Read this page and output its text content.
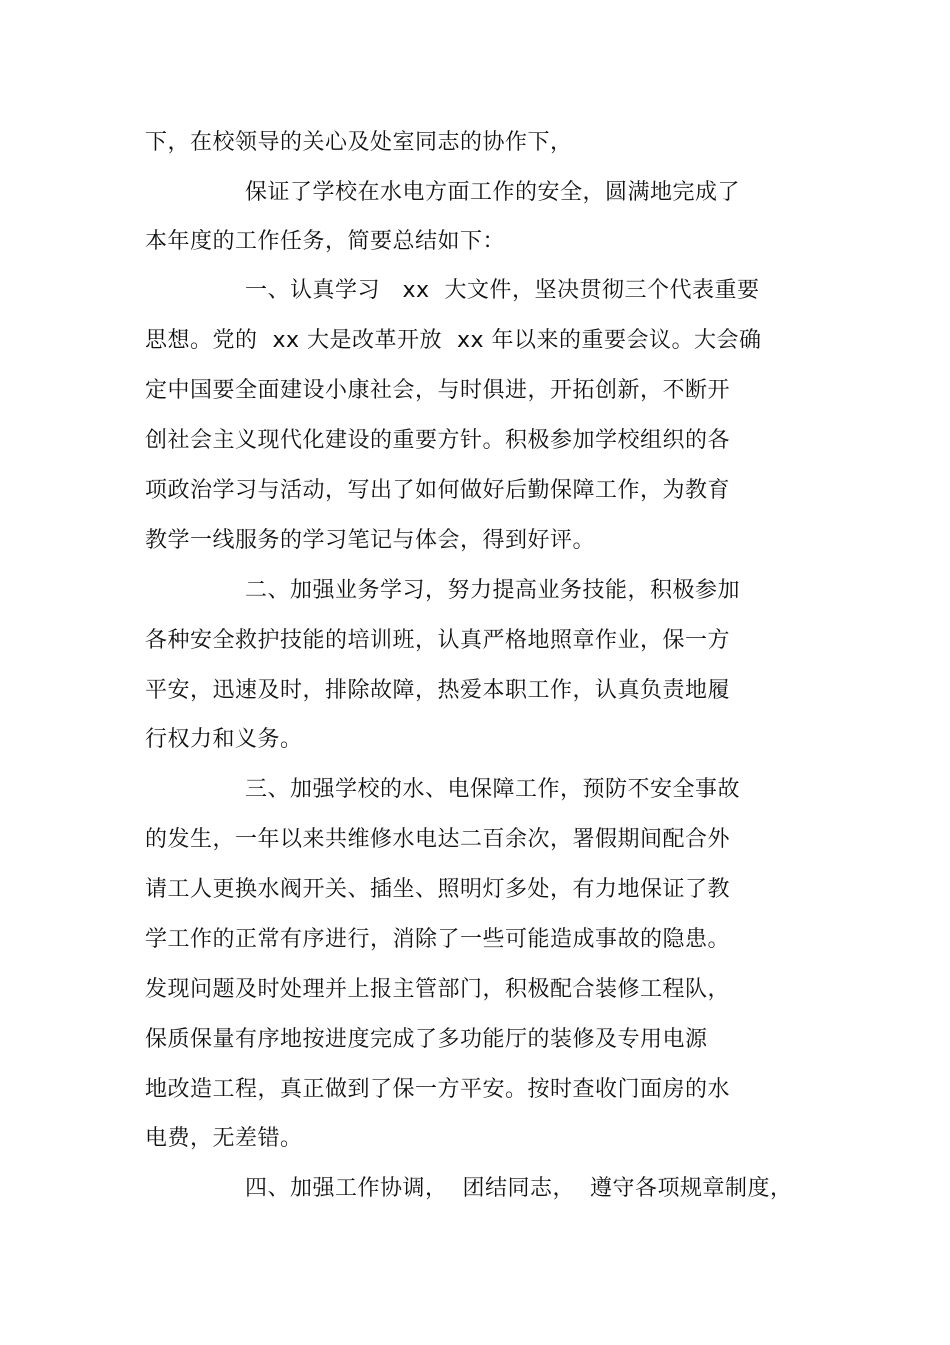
下，在校领导的关心及处室同志的协作下，
保证了学校在水电方面工作的安全，圆满地完成了
本年度的工作任务，简要总结如下：
一、认真学习   xx  大文件，坚决贯彻三个代表重要
思想。党的  xx 大是改革开放  xx 年以来的重要会议。大会确
定中国要全面建设小康社会，与时俱进，开拓创新，不断开
创社会主义现代化建设的重要方针。积极参加学校组织的各
项政治学习与活动，写出了如何做好后勤保障工作，为教育
教学一线服务的学习笔记与体会，得到好评。
二、加强业务学习，努力提高业务技能，积极参加
各种安全救护技能的培训班，认真严格地照章作业，保一方
平安，迅速及时，排除故障，热爱本职工作，认真负责地履
行权力和义务。
三、加强学校的水、电保障工作，预防不安全事故
的发生，一年以来共维修水电达二百余次，署假期间配合外
请工人更换水阀开关、插坐、照明灯多处，有力地保证了教
学工作的正常有序进行，消除了一些可能造成事故的隐患。
发现问题及时处理并上报主管部门，积极配合装修工程队，
保质保量有序地按进度完成了多功能厅的装修及专用电源
地改造工程，真正做到了保一方平安。按时查收门面房的水
电费，无差错。
四、加强工作协调，  团结同志，  遵守各项规章制度，
